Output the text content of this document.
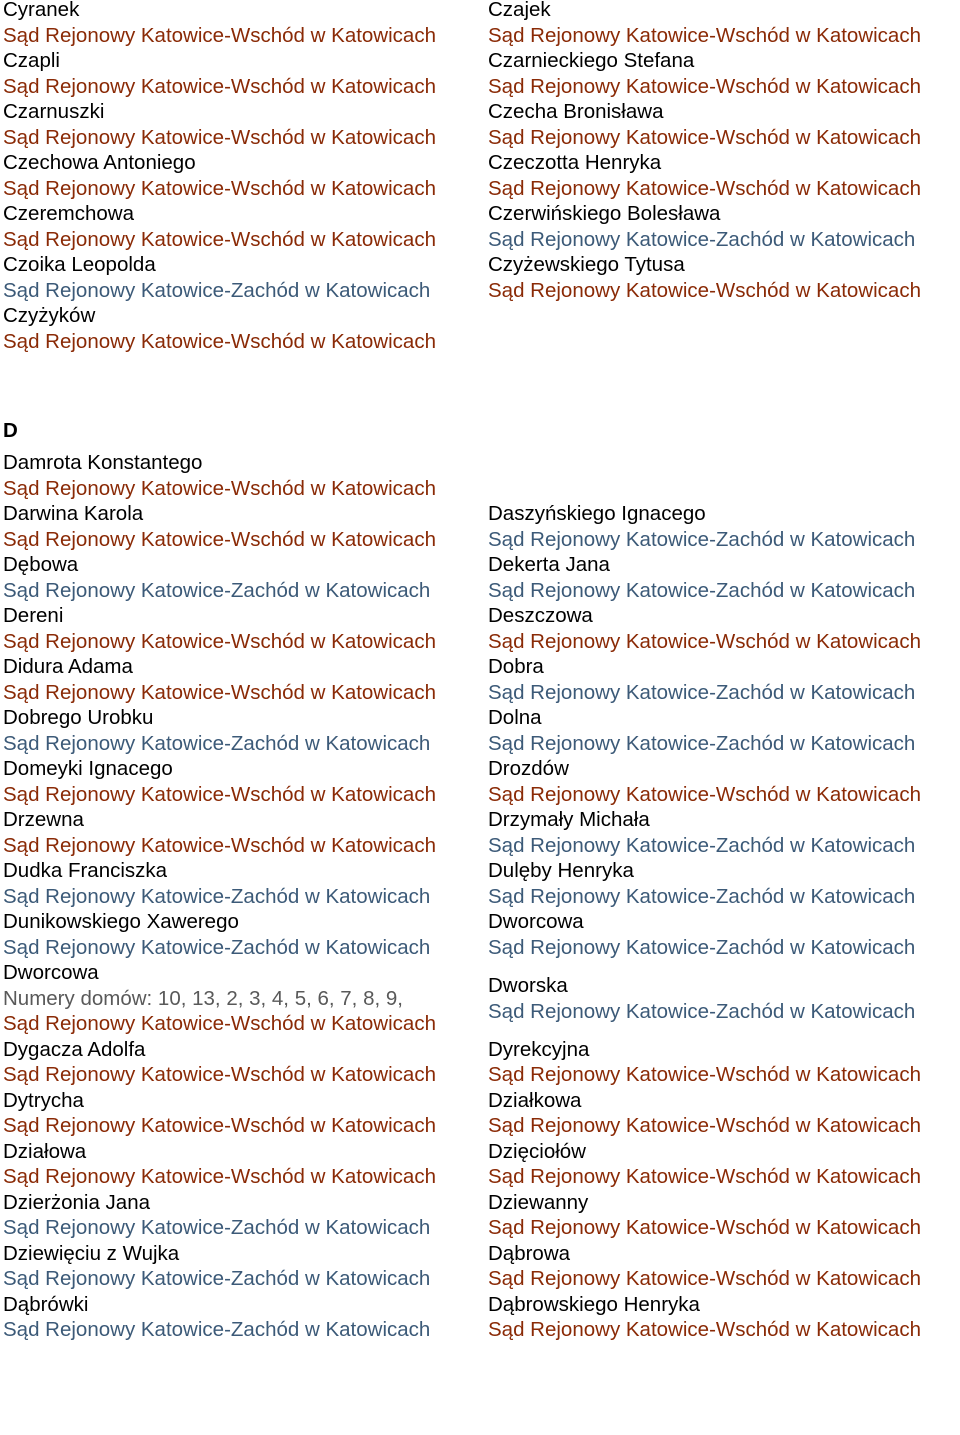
Cyranek
Sąd Rejonowy Katowice-Wschód w Katowicach
Czajek
Sąd Rejonowy Katowice-Wschód w Katowicach
Czapli
Sąd Rejonowy Katowice-Wschód w Katowicach
Czarnieckiego Stefana
Sąd Rejonowy Katowice-Wschód w Katowicach
Czarnuszki
Sąd Rejonowy Katowice-Wschód w Katowicach
Czecha Bronisława
Sąd Rejonowy Katowice-Wschód w Katowicach
Czechowa Antoniego
Sąd Rejonowy Katowice-Wschód w Katowicach
Czeczotta Henryka
Sąd Rejonowy Katowice-Wschód w Katowicach
Czeremchowa
Sąd Rejonowy Katowice-Wschód w Katowicach
Czerwińskiego Bolesława
Sąd Rejonowy Katowice-Zachód w Katowicach
Czoika Leopolda
Sąd Rejonowy Katowice-Zachód w Katowicach
Czyżewskiego Tytusa
Sąd Rejonowy Katowice-Wschód w Katowicach
Czyżyków
Sąd Rejonowy Katowice-Wschód w Katowicach
D
Damrota Konstantego
Sąd Rejonowy Katowice-Wschód w Katowicach
Darwina Karola
Sąd Rejonowy Katowice-Wschód w Katowicach
Daszyńskiego Ignacego
Sąd Rejonowy Katowice-Zachód w Katowicach
Dębowa
Sąd Rejonowy Katowice-Zachód w Katowicach
Dekerta Jana
Sąd Rejonowy Katowice-Zachód w Katowicach
Dereni
Sąd Rejonowy Katowice-Wschód w Katowicach
Deszczowa
Sąd Rejonowy Katowice-Wschód w Katowicach
Didura Adama
Sąd Rejonowy Katowice-Wschód w Katowicach
Dobra
Sąd Rejonowy Katowice-Zachód w Katowicach
Dobrego Urobku
Sąd Rejonowy Katowice-Zachód w Katowicach
Dolna
Sąd Rejonowy Katowice-Zachód w Katowicach
Domeyki Ignacego
Sąd Rejonowy Katowice-Wschód w Katowicach
Drozdów
Sąd Rejonowy Katowice-Wschód w Katowicach
Drzewna
Sąd Rejonowy Katowice-Wschód w Katowicach
Drzymały Michała
Sąd Rejonowy Katowice-Zachód w Katowicach
Dudka Franciszka
Sąd Rejonowy Katowice-Zachód w Katowicach
Dulęby Henryka
Sąd Rejonowy Katowice-Zachód w Katowicach
Dunikowskiego Xawerego
Sąd Rejonowy Katowice-Zachód w Katowicach
Dworcowa
Sąd Rejonowy Katowice-Zachód w Katowicach
Dworcowa
Numery domów: 10, 13, 2, 3, 4, 5, 6, 7, 8, 9,
Sąd Rejonowy Katowice-Wschód w Katowicach
Dworska
Sąd Rejonowy Katowice-Zachód w Katowicach
Dygacza Adolfa
Sąd Rejonowy Katowice-Wschód w Katowicach
Dyrekcyjna
Sąd Rejonowy Katowice-Wschód w Katowicach
Dytrycha
Sąd Rejonowy Katowice-Wschód w Katowicach
Działkowa
Sąd Rejonowy Katowice-Wschód w Katowicach
Działowa
Sąd Rejonowy Katowice-Wschód w Katowicach
Dzięciołów
Sąd Rejonowy Katowice-Wschód w Katowicach
Dzierżonia Jana
Sąd Rejonowy Katowice-Zachód w Katowicach
Dziewanny
Sąd Rejonowy Katowice-Wschód w Katowicach
Dziewięciu z Wujka
Sąd Rejonowy Katowice-Zachód w Katowicach
Dąbrowa
Sąd Rejonowy Katowice-Wschód w Katowicach
Dąbrówki
Sąd Rejonowy Katowice-Zachód w Katowicach
Dąbrowskiego Henryka
Sąd Rejonowy Katowice-Wschód w Katowicach
